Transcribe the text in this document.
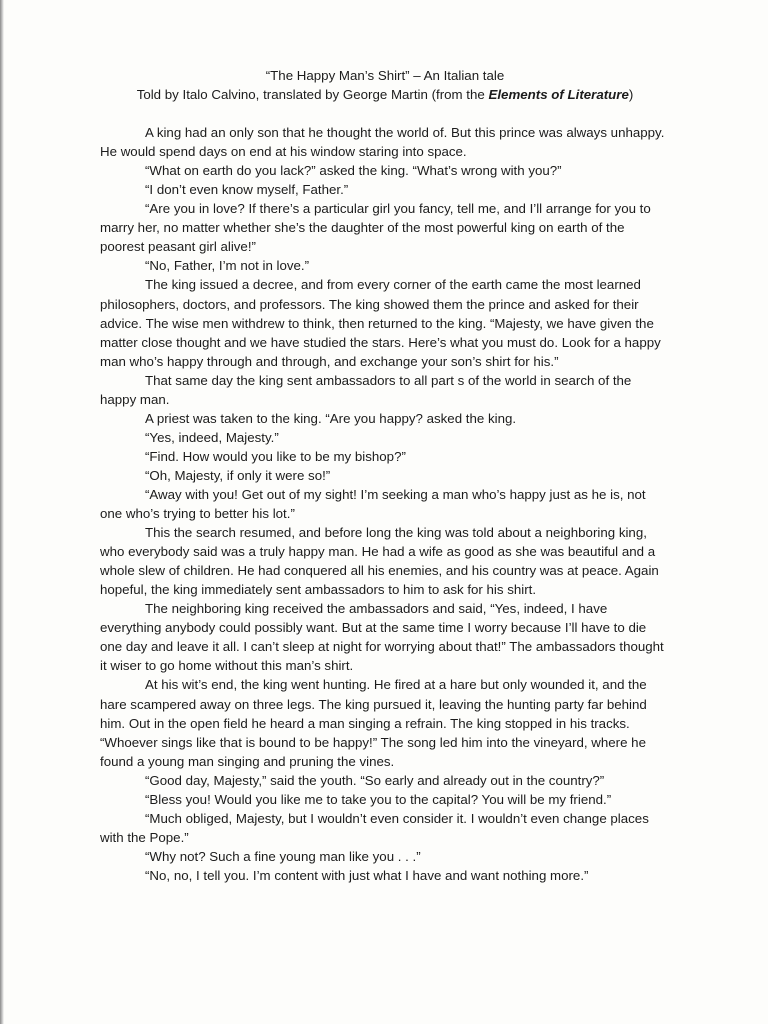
“The Happy Man’s Shirt” – An Italian tale

Told by Italo Calvino, translated by George Martin (from the Elements of Literature)

A king had an only son that he thought the world of. But this prince was always unhappy. He would spend days on end at his window staring into space.

“What on earth do you lack?” asked the king. “What’s wrong with you?”

“I don’t even know myself, Father.”

“Are you in love? If there’s a particular girl you fancy, tell me, and I’ll arrange for you to marry her, no matter whether she’s the daughter of the most powerful king on earth of the poorest peasant girl alive!”

“No, Father, I’m not in love.”

The king issued a decree, and from every corner of the earth came the most learned philosophers, doctors, and professors. The king showed them the prince and asked for their advice. The wise men withdrew to think, then returned to the king. “Majesty, we have given the matter close thought and we have studied the stars. Here’s what you must do. Look for a happy man who’s happy through and through, and exchange your son’s shirt for his.”

That same day the king sent ambassadors to all part s of the world in search of the happy man.

A priest was taken to the king. “Are you happy? asked the king.

“Yes, indeed, Majesty.”

“Find. How would you like to be my bishop?”

“Oh, Majesty, if only it were so!”

“Away with you! Get out of my sight! I’m seeking a man who’s happy just as he is, not one who’s trying to better his lot.”

This the search resumed, and before long the king was told about a neighboring king, who everybody said was a truly happy man. He had a wife as good as she was beautiful and a whole slew of children. He had conquered all his enemies, and his country was at peace. Again hopeful, the king immediately sent ambassadors to him to ask for his shirt.

The neighboring king received the ambassadors and said, “Yes, indeed, I have everything anybody could possibly want. But at the same time I worry because I’ll have to die one day and leave it all. I can’t sleep at night for worrying about that!” The ambassadors thought it wiser to go home without this man’s shirt.

At his wit’s end, the king went hunting. He fired at a hare but only wounded it, and the hare scampered away on three legs. The king pursued it, leaving the hunting party far behind him. Out in the open field he heard a man singing a refrain. The king stopped in his tracks. “Whoever sings like that is bound to be happy!” The song led him into the vineyard, where he found a young man singing and pruning the vines.

“Good day, Majesty,” said the youth. “So early and already out in the country?”

“Bless you! Would you like me to take you to the capital? You will be my friend.”

“Much obliged, Majesty, but I wouldn’t even consider it. I wouldn’t even change places with the Pope.”

“Why not? Such a fine young man like you . . .”

“No, no, I tell you. I’m content with just what I have and want nothing more.”
